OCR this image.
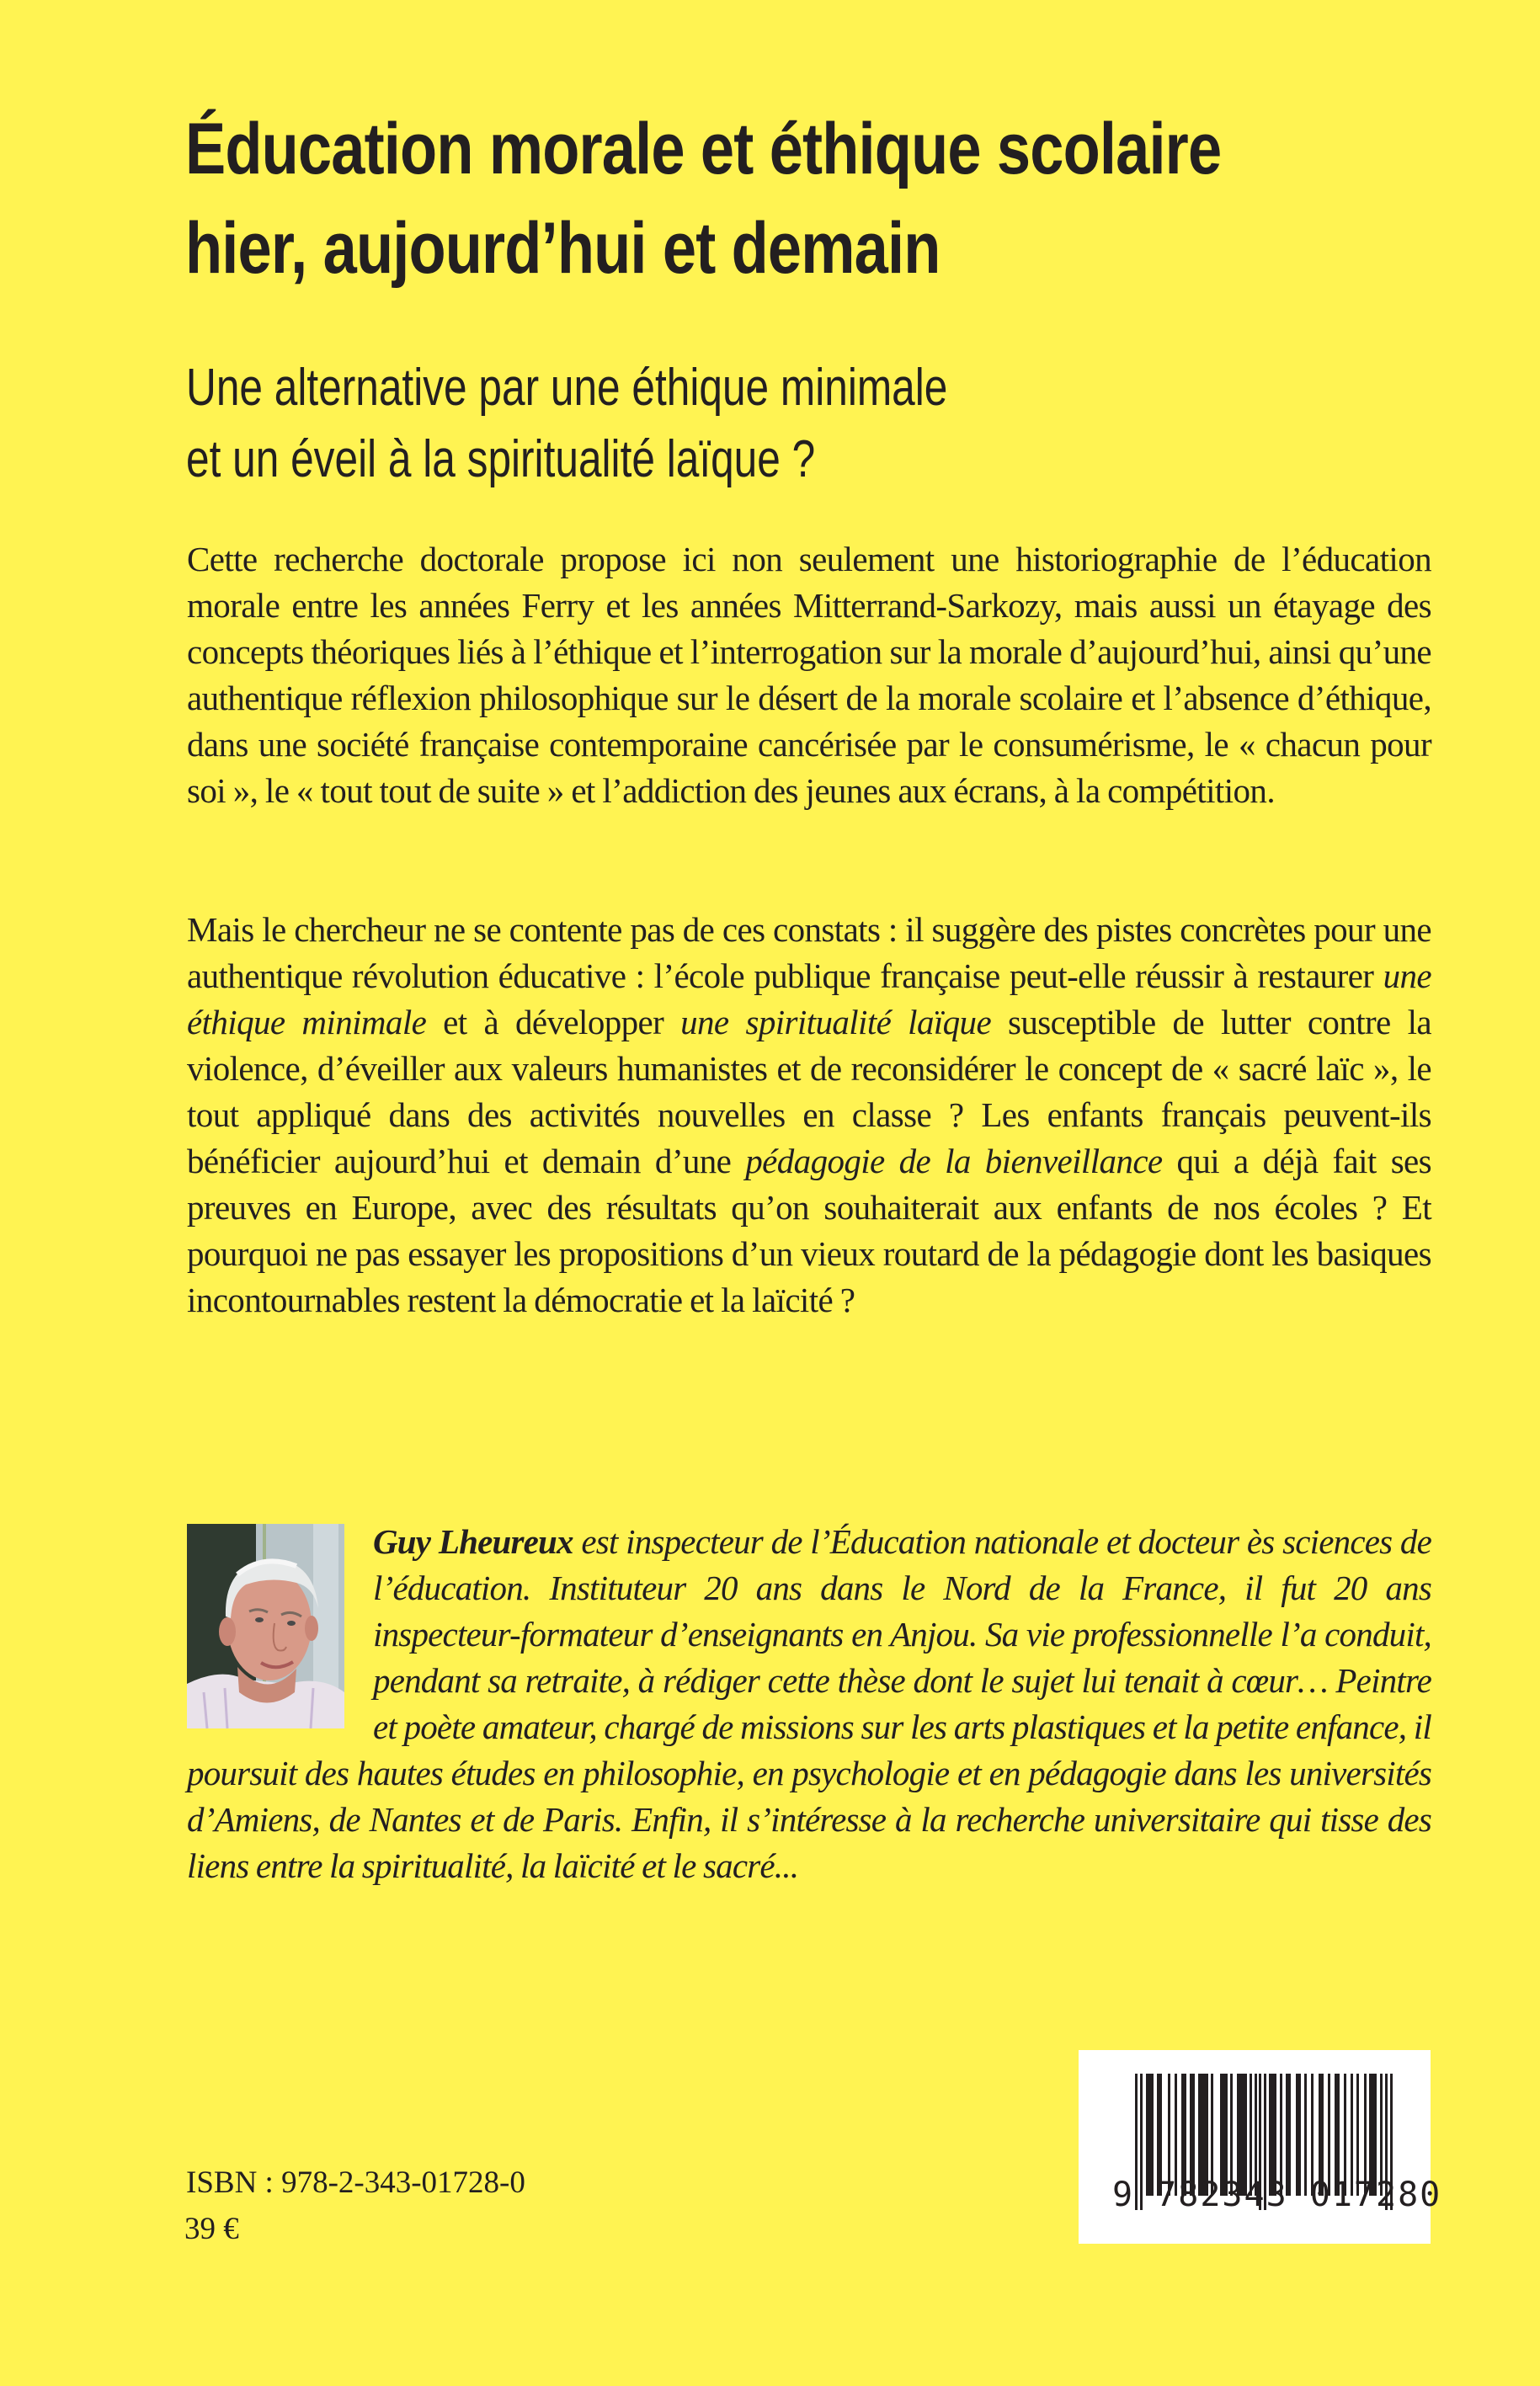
Éducation morale et éthique scolaire
hier, aujourd’hui et demain
Une alternative par une éthique minimale
et un éveil à la spiritualité laïque ?

Cette recherche doctorale propose ici non seulement une historiographie de l’éducation morale entre les années Ferry et les années Mitterrand-Sarkozy, mais aussi un étayage des concepts théoriques liés à l’éthique et l’interrogation sur la morale d’aujourd’hui, ainsi qu’une authentique réflexion philosophique sur le désert de la morale scolaire et l’absence d’éthique, dans une société française contemporaine cancérisée par le consumérisme, le « chacun pour soi », le « tout tout de suite » et l’addiction des jeunes aux écrans, à la compétition.

Mais le chercheur ne se contente pas de ces constats : il suggère des pistes concrètes pour une authentique révolution éducative : l’école publique française peut-elle réussir à restaurer une éthique minimale et à développer une spiritualité laïque susceptible de lutter contre la violence, d’éveiller aux valeurs humanistes et de reconsidérer le concept de « sacré laïc », le tout appliqué dans des activités nouvelles en classe ? Les enfants français peuvent-ils bénéficier aujourd’hui et demain d’une pédagogie de la bienveillance qui a déjà fait ses preuves en Europe, avec des résultats qu’on souhaiterait aux enfants de nos écoles ? Et pourquoi ne pas essayer les propositions d’un vieux routard de la pédagogie dont les basiques incontournables restent la démocratie et la laïcité ?

Guy Lheureux est inspecteur de l’Éducation nationale et docteur ès sciences de l’éducation. Instituteur 20 ans dans le Nord de la France, il fut 20 ans inspecteur-formateur d’enseignants en Anjou. Sa vie professionnelle l’a conduit, pendant sa retraite, à rédiger cette thèse dont le sujet lui tenait à cœur… Peintre et poète amateur, chargé de missions sur les arts plastiques et la petite enfance, il poursuit des hautes études en philosophie, en psychologie et en pédagogie dans les universités d’Amiens, de Nantes et de Paris. Enfin, il s’intéresse à la recherche universitaire qui tisse des liens entre la spiritualité, la laïcité et le sacré...

ISBN : 978-2-343-01728-0
39 €
9 782343 017280
